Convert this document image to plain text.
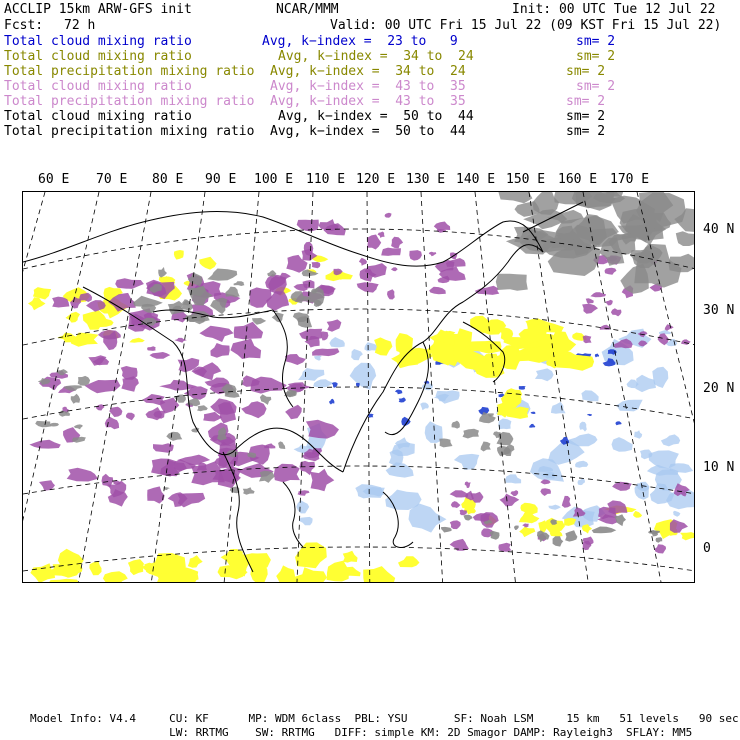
ACCLIP 15km ARW-GFS init	NCAR/MMM	Init: 00 UTC Tue 12 Jul 22
Fcst: 72 h	Valid: 00 UTC Fri 15 Jul 22 (09 KST Fri 15 Jul 22)
Total cloud mixing ratio	Avg, k−index =  23 to   9	sm= 2
Total cloud mixing ratio	Avg, k−index =  34 to  24	sm= 2
Total precipitation mixing ratio Avg, k−index =  34 to  24	sm= 2
Total cloud mixing ratio	Avg, k−index =  43 to  35	sm= 2
Total precipitation mixing ratio Avg, k−index =  43 to  35	sm= 2
Total cloud mixing ratio	Avg, k−index =  50 to  44	sm= 2
Total precipitation mixing ratio Avg, k−index =  50 to  44	sm= 2
60 E 70 E 80 E 90 E 100 E 110 E 120 E 130 E 140 E 150 E 160 E 170 E
40 N
30 N
20 N
10 N
0
Model Info: V4.4     CU: KF      MP: WDM 6class  PBL: YSU       SF: Noah LSM     15 km   51 levels   90 sec
LW: RRTMG    SW: RRTMG   DIFF: simple KM: 2D Smagor DAMP: Rayleigh3  SFLAY: MM5
